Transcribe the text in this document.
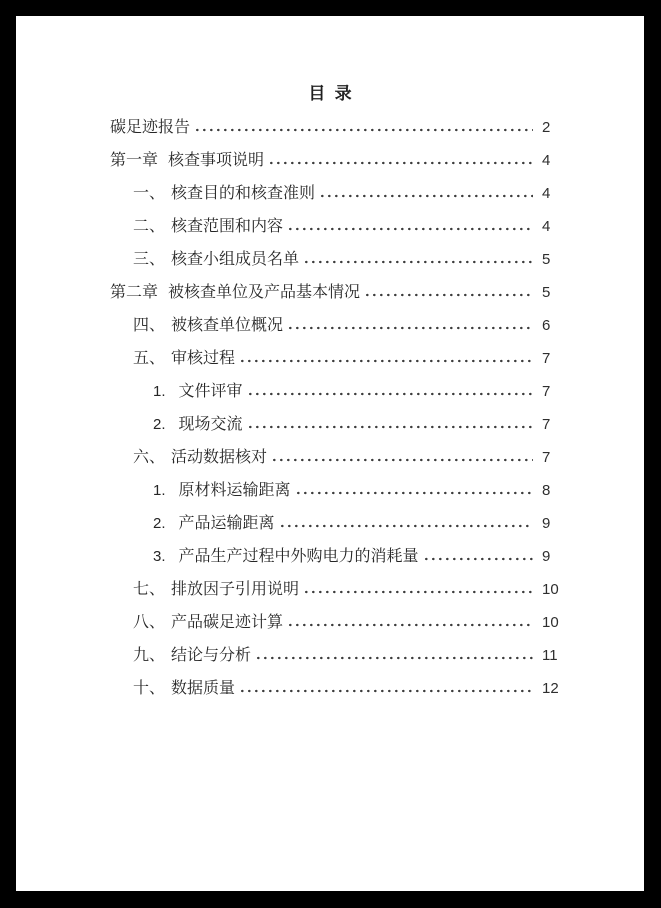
目 录
碳足迹报告	2
第一章 核查事项说明	4
一、 核查目的和核查准则	4
二、 核查范围和内容	4
三、 核查小组成员名单	5
第二章 被核查单位及产品基本情况	5
四、 被核查单位概况	6
五、 审核过程	7
1. 文件评审	7
2. 现场交流	7
六、 活动数据核对	7
1. 原材料运输距离	8
2. 产品运输距离	9
3. 产品生产过程中外购电力的消耗量	9
七、 排放因子引用说明	10
八、 产品碳足迹计算	10
九、 结论与分析	11
十、 数据质量	12
